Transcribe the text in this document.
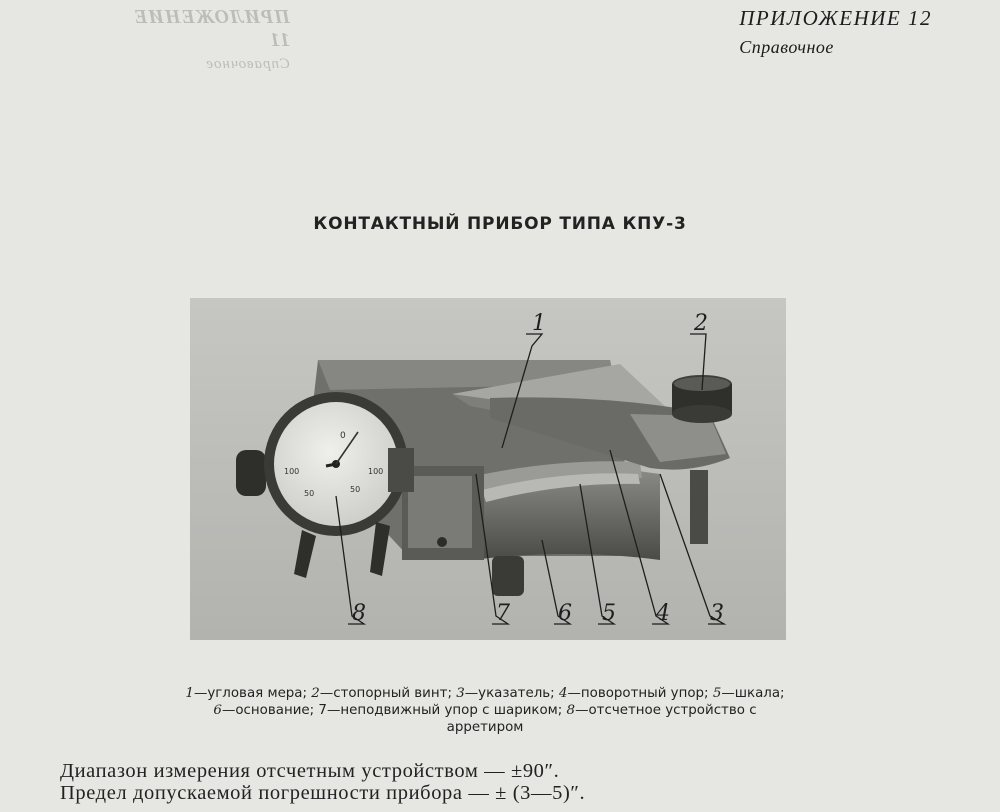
ПРИЛОЖЕНИЕ 11
Справочное
ПРИЛОЖЕНИЕ 12
Справочное
КОНТАКТНЫЙ ПРИБОР ТИПА КПУ-3
0
100
50	50
100
1	2
3
4
5
6
7
8
1—угловая мера; 2—стопорный винт; 3—указатель; 4—поворотный упор; 5—шкала; 6—основание; 7—неподвижный упор с шариком; 8—отсчетное устройство с арретиром
Диапазон измерения отсчетным устройством — ±90″.
Предел допускаемой погрешности прибора — ± (3—5)″.
